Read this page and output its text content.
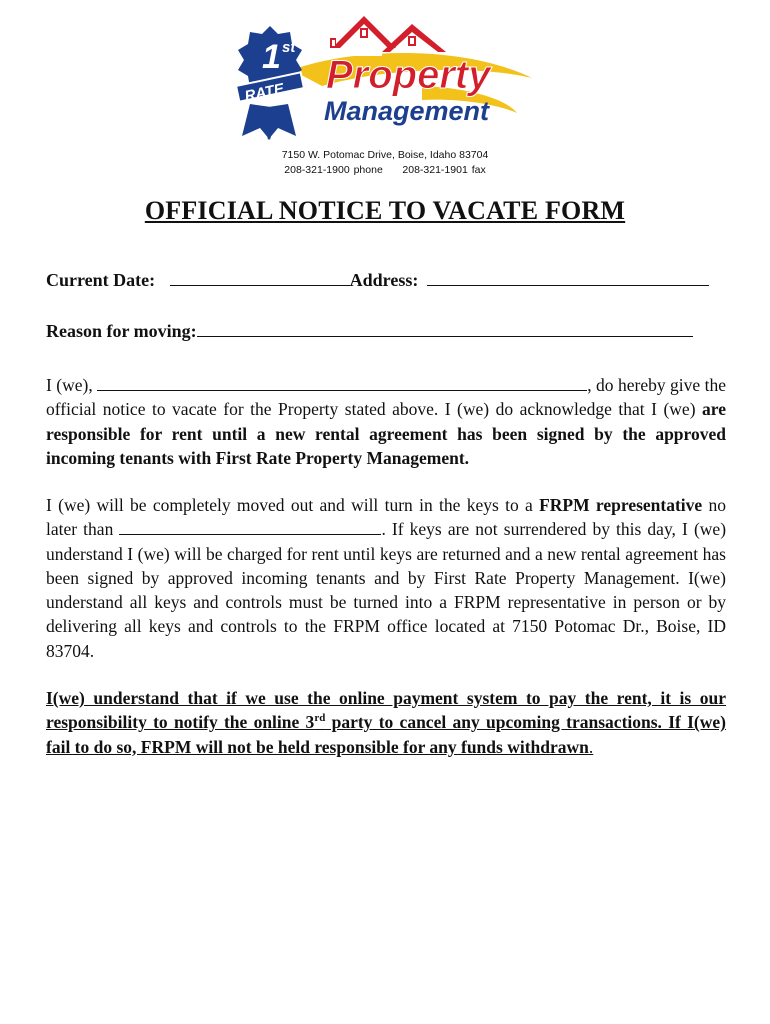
1 st
RATE Property
Management
7150 W. Potomac Drive, Boise, Idaho 83704
208-321-1900 phone 208-321-1901 fax
OFFICIAL NOTICE TO VACATE FORM
Current Date:	Address:
Reason for moving:
I (we),	, do hereby give the official notice to vacate for the Property stated above. I (we) do acknowledge that I (we) are responsible for rent until a new rental agreement has been signed by the approved incoming tenants with First Rate Property Management.
I (we) will be completely moved out and will turn in the keys to a FRPM representative no later than	. If keys are not surrendered by this day, I (we) understand I (we) will be charged for rent until keys are returned and a new rental agreement has been signed by approved incoming tenants and by First Rate Property Management. I(we) understand all keys and controls must be turned into a FRPM representative in person or by delivering all keys and controls to the FRPM office located at 7150 Potomac Dr., Boise, ID 83704.
I(we) understand that if we use the online payment system to pay the rent, it is our responsibility to notify the online 3rd party to cancel any upcoming transactions. If I(we) fail to do so, FRPM will not be held responsible for any funds withdrawn.
